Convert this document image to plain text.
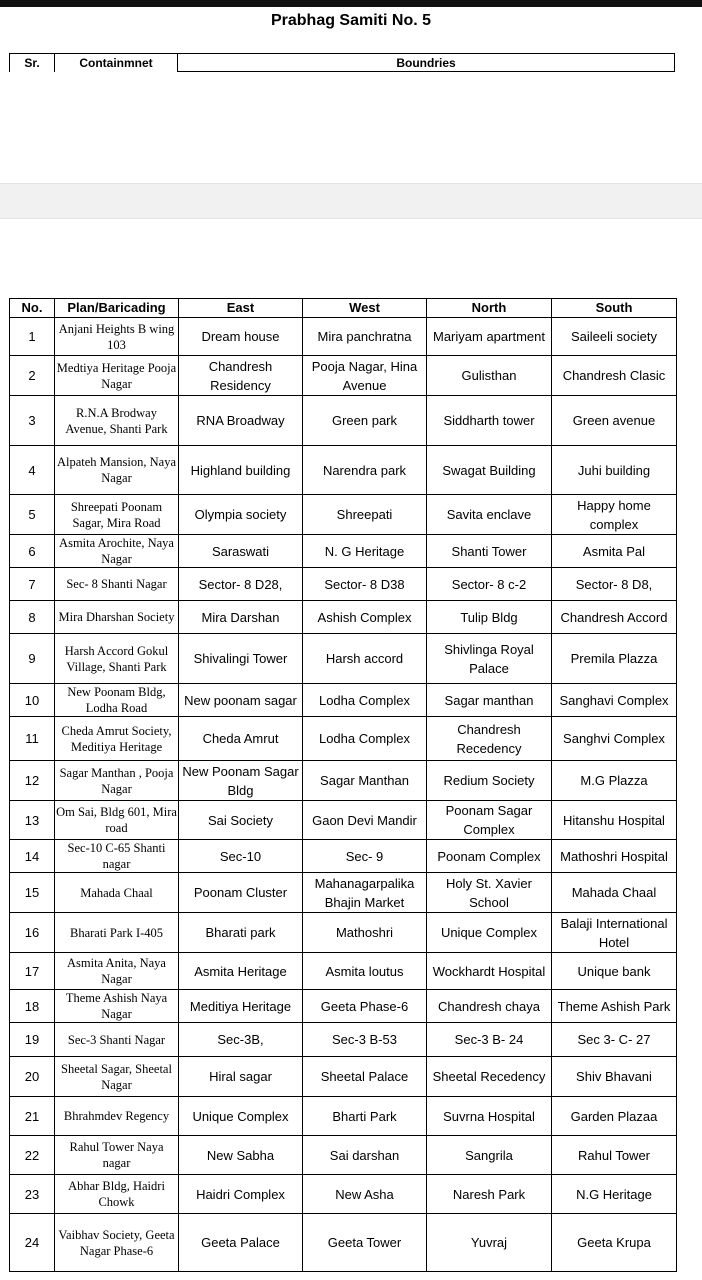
Prabhag Samiti No. 5
Sr.	Containmnet	Boundries
No.	Plan/Baricading	East	West	North	South
1	Anjani Heights B wing 103	Dream house	Mira panchratna	Mariyam apartment	Saileeli society
2	Medtiya Heritage Pooja Nagar	Chandresh Residency	Pooja Nagar, Hina Avenue	Gulisthan	Chandresh Clasic
3	R.N.A Brodway Avenue, Shanti Park	RNA Broadway	Green park	Siddharth tower	Green avenue
4	Alpateh Mansion, Naya Nagar	Highland building	Narendra park	Swagat Building	Juhi building
5	Shreepati Poonam Sagar, Mira Road	Olympia society	Shreepati	Savita enclave	Happy home complex
6	Asmita Arochite, Naya Nagar	Saraswati	N. G Heritage	Shanti Tower	Asmita Pal
7	Sec- 8 Shanti Nagar	Sector- 8 D28,	Sector- 8 D38	Sector- 8 c-2	Sector- 8 D8,
8	Mira Dharshan Society	Mira Darshan	Ashish Complex	Tulip Bldg	Chandresh Accord
9	Harsh Accord Gokul Village, Shanti Park	Shivalingi Tower	Harsh accord	Shivlinga Royal Palace	Premila Plazza
10	New Poonam Bldg, Lodha Road	New poonam sagar	Lodha Complex	Sagar manthan	Sanghavi Complex
11	Cheda Amrut Society, Meditiya Heritage	Cheda Amrut	Lodha Complex	Chandresh Recedency	Sanghvi Complex
12	Sagar Manthan , Pooja Nagar	New Poonam Sagar Bldg	Sagar Manthan	Redium Society	M.G Plazza
13	Om Sai, Bldg 601, Mira road	Sai Society	Gaon Devi Mandir	Poonam Sagar Complex	Hitanshu Hospital
14	Sec-10 C-65 Shanti nagar	Sec-10	Sec- 9	Poonam Complex	Mathoshri Hospital
15	Mahada Chaal	Poonam Cluster	Mahanagarpalika Bhajin Market	Holy St. Xavier School	Mahada Chaal
16	Bharati Park I-405	Bharati park	Mathoshri	Unique Complex	Balaji International Hotel
17	Asmita Anita, Naya Nagar	Asmita Heritage	Asmita loutus	Wockhardt Hospital	Unique bank
18	Theme Ashish Naya Nagar	Meditiya Heritage	Geeta Phase-6	Chandresh chaya	Theme Ashish Park
19	Sec-3 Shanti Nagar	Sec-3B,	Sec-3 B-53	Sec-3 B- 24	Sec 3- C- 27
20	Sheetal Sagar, Sheetal Nagar	Hiral sagar	Sheetal Palace	Sheetal Recedency	Shiv Bhavani
21	Bhrahmdev Regency	Unique Complex	Bharti Park	Suvrna Hospital	Garden Plazaa
22	Rahul Tower Naya nagar	New Sabha	Sai darshan	Sangrila	Rahul Tower
23	Abhar Bldg, Haidri Chowk	Haidri Complex	New Asha	Naresh Park	N.G Heritage
24	Vaibhav Society, Geeta Nagar Phase-6	Geeta Palace	Geeta Tower	Yuvraj	Geeta Krupa
